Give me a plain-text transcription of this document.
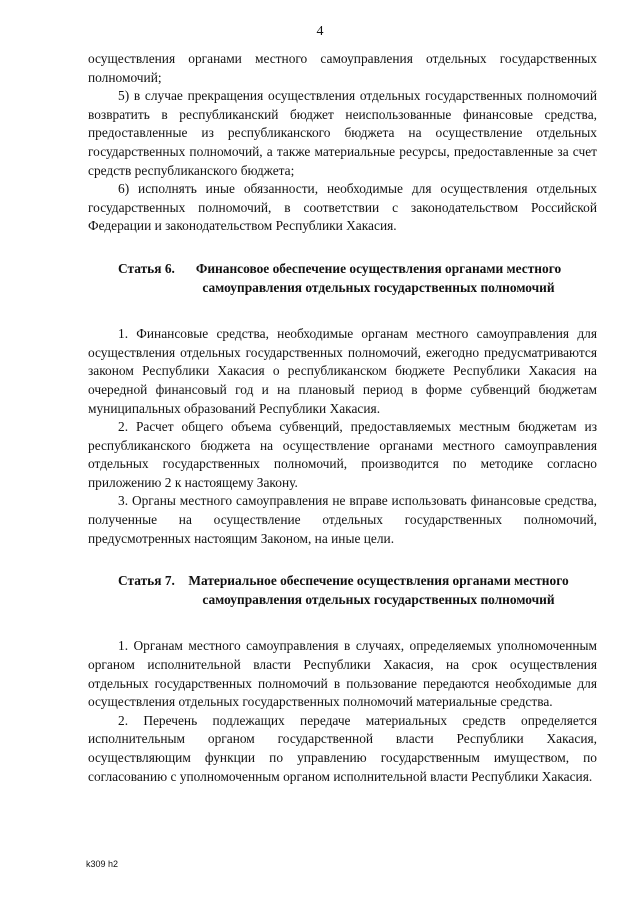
4

осуществления органами местного самоуправления отдельных государственных полномочий;

5) в случае прекращения осуществления отдельных государственных полномочий возвратить в республиканский бюджет неиспользованные финансовые средства, предоставленные из республиканского бюджета на осуществление отдельных государственных полномочий, а также материальные ресурсы, предоставленные за счет средств республиканского бюджета;

6) исполнять иные обязанности, необходимые для осуществления отдельных государственных полномочий, в соответствии с законодательством Российской Федерации и законодательством Республики Хакасия.

Статья 6.	Финансовое обеспечение осуществления органами местного самоуправления отдельных государственных полномочий

1. Финансовые средства, необходимые органам местного самоуправления для осуществления отдельных государственных полномочий, ежегодно предусматриваются законом Республики Хакасия о республиканском бюджете Республики Хакасия на очередной финансовый год и на плановый период в форме субвенций бюджетам муниципальных образований Республики Хакасия.

2. Расчет общего объема субвенций, предоставляемых местным бюджетам из республиканского бюджета на осуществление органами местного самоуправления отдельных государственных полномочий, производится по методике согласно приложению 2 к настоящему Закону.

3. Органы местного самоуправления не вправе использовать финансовые средства, полученные на осуществление отдельных государственных полномочий, предусмотренных настоящим Законом, на иные цели.

Статья 7.	Материальное обеспечение осуществления органами местного самоуправления отдельных государственных полномочий

1. Органам местного самоуправления в случаях, определяемых уполномоченным органом исполнительной власти Республики Хакасия, на срок осуществления отдельных государственных полномочий в пользование передаются необходимые для осуществления отдельных государственных полномочий материальные средства.

2. Перечень подлежащих передаче материальных средств определяется исполнительным органом государственной власти Республики Хакасия, осуществляющим функции по управлению государственным имуществом, по согласованию с уполномоченным органом исполнительной власти Республики Хакасия.

k309 h2
